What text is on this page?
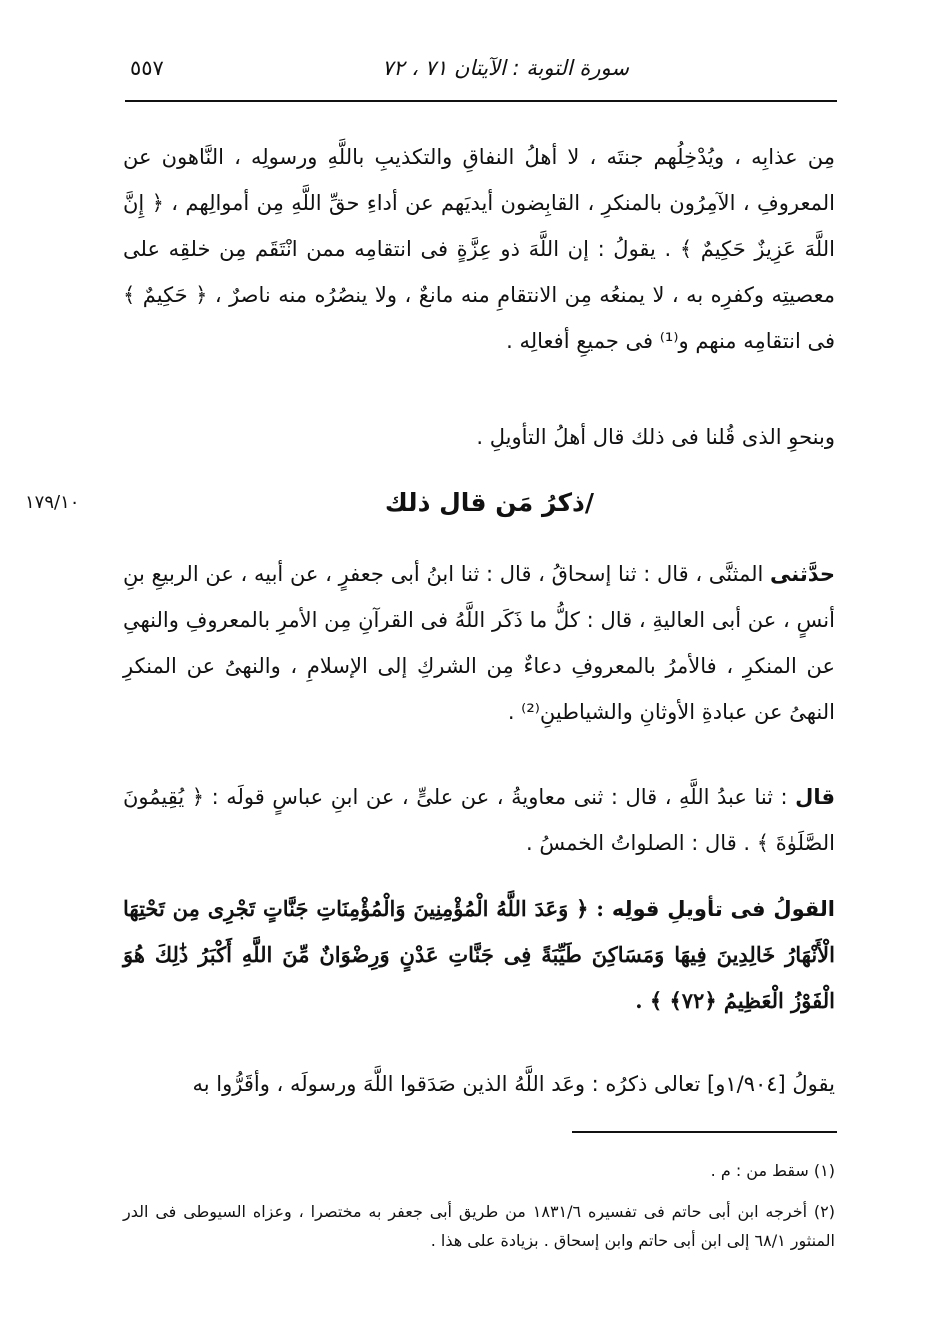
سورة التوبة : الآيتان ٧١ ، ٧٢
٥٥٧

مِن عذابِه ، ويُدْخِلُهم جنتَه ، لا أهلُ النفاقِ والتكذيبِ باللَّهِ ورسولِه ، النَّاهون عن المعروفِ ، الآمِرُون بالمنكرِ ، القابِضون أيديَهم عن أداءِ حقِّ اللَّهِ مِن أموالِهم ، ﴿ إِنَّ اللَّهَ عَزِيزٌ حَكِيمٌ ﴾ . يقولُ : إن اللَّهَ ذو عِزَّةٍ فى انتقامِه ممن انْتَقَم مِن خلقِه على معصيتِه وكفرِه به ، لا يمنعُه مِن الانتقامِ منه مانعٌ ، ولا ينصُرُه منه ناصرٌ ، ﴿ حَكِيمٌ ﴾ فى انتقامِه منهم و⁽¹⁾ فى جميعِ أفعالِه .

وبنحوِ الذى قُلنا فى ذلك قال أهلُ التأويلِ .

١٧٩/١٠	/ذكرُ مَن قال ذلك

حدَّثنى المثنَّى ، قال : ثنا إسحاقُ ، قال : ثنا ابنُ أبى جعفرٍ ، عن أبيه ، عن الربيعِ بنِ أنسٍ ، عن أبى العاليةِ ، قال : كلُّ ما ذَكَر اللَّهُ فى القرآنِ مِن الأمرِ بالمعروفِ والنهىِ عن المنكرِ ، فالأمرُ بالمعروفِ دعاءٌ مِن الشركِ إلى الإسلامِ ، والنهىُ عن المنكرِ النهىُ عن عبادةِ الأوثانِ والشياطينِ⁽²⁾ .

قال : ثنا عبدُ اللَّهِ ، قال : ثنى معاويةُ ، عن علىٍّ ، عن ابنِ عباسٍ قولَه : ﴿ يُقِيمُونَ الصَّلَوٰةَ ﴾ . قال : الصلواتُ الخمسُ .

القولُ فى تأويلِ قولِه : ﴿ وَعَدَ اللَّهُ الْمُؤْمِنِينَ وَالْمُؤْمِنَاتِ جَنَّاتٍ تَجْرِى مِن تَحْتِهَا الْأَنْهَارُ خَالِدِينَ فِيهَا وَمَسَاكِنَ طَيِّبَةً فِى جَنَّاتِ عَدْنٍ وَرِضْوَانٌ مِّنَ اللَّهِ أَكْبَرُ ذَٰلِكَ هُوَ الْفَوْزُ الْعَظِيمُ ﴿٧٢﴾ ﴾ .

يقولُ [١/٩٠٤و] تعالى ذكرُه : وعَد اللَّهُ الذين صَدَقوا اللَّهَ ورسولَه ، وأقَرُّوا به

(١) سقط من : م .

(٢) أخرجه ابن أبى حاتم فى تفسيره ١٨٣١/٦ من طريق أبى جعفر به مختصرا ، وعزاه السيوطى فى الدر المنثور ٦٨/١ إلى ابن أبى حاتم وابن إسحاق . بزيادة على هذا .
